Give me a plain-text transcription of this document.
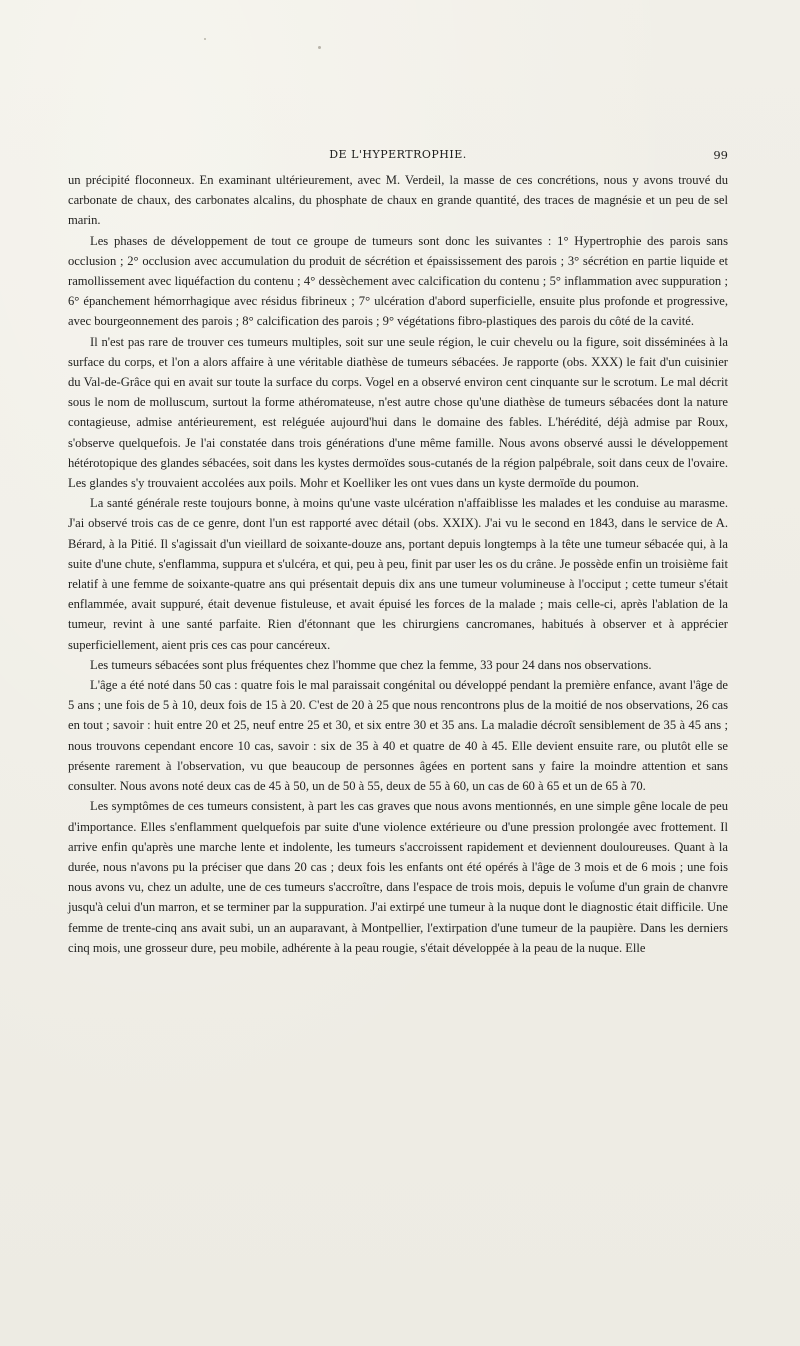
DE L'HYPERTROPHIE.	99

un précipité floconneux. En examinant ultérieurement, avec M. Verdeil, la masse de ces concrétions, nous y avons trouvé du carbonate de chaux, des carbonates alcalins, du phosphate de chaux en grande quantité, des traces de magnésie et un peu de sel marin.

Les phases de développement de tout ce groupe de tumeurs sont donc les suivantes : 1° Hypertrophie des parois sans occlusion ; 2° occlusion avec accumulation du produit de sécrétion et épaississement des parois ; 3° sécrétion en partie liquide et ramollissement avec liquéfaction du contenu ; 4° dessèchement avec calcification du contenu ; 5° inflammation avec suppuration ; 6° épanchement hémorrhagique avec résidus fibrineux ; 7° ulcération d'abord superficielle, ensuite plus profonde et progressive, avec bourgeonnement des parois ; 8° calcification des parois ; 9° végétations fibro-plastiques des parois du côté de la cavité.

Il n'est pas rare de trouver ces tumeurs multiples, soit sur une seule région, le cuir chevelu ou la figure, soit disséminées à la surface du corps, et l'on a alors affaire à une véritable diathèse de tumeurs sébacées. Je rapporte (obs. XXX) le fait d'un cuisinier du Val-de-Grâce qui en avait sur toute la surface du corps. Vogel en a observé environ cent cinquante sur le scrotum. Le mal décrit sous le nom de molluscum, surtout la forme athéromateuse, n'est autre chose qu'une diathèse de tumeurs sébacées dont la nature contagieuse, admise antérieurement, est reléguée aujourd'hui dans le domaine des fables. L'hérédité, déjà admise par Roux, s'observe quelquefois. Je l'ai constatée dans trois générations d'une même famille. Nous avons observé aussi le développement hétérotopique des glandes sébacées, soit dans les kystes dermoïdes sous-cutanés de la région palpébrale, soit dans ceux de l'ovaire. Les glandes s'y trouvaient accolées aux poils. Mohr et Koelliker les ont vues dans un kyste dermoïde du poumon.

La santé générale reste toujours bonne, à moins qu'une vaste ulcération n'affaiblisse les malades et les conduise au marasme. J'ai observé trois cas de ce genre, dont l'un est rapporté avec détail (obs. XXIX). J'ai vu le second en 1843, dans le service de A. Bérard, à la Pitié. Il s'agissait d'un vieillard de soixante-douze ans, portant depuis longtemps à la tête une tumeur sébacée qui, à la suite d'une chute, s'enflamma, suppura et s'ulcéra, et qui, peu à peu, finit par user les os du crâne. Je possède enfin un troisième fait relatif à une femme de soixante-quatre ans qui présentait depuis dix ans une tumeur volumineuse à l'occiput ; cette tumeur s'était enflammée, avait suppuré, était devenue fistuleuse, et avait épuisé les forces de la malade ; mais celle-ci, après l'ablation de la tumeur, revint à une santé parfaite. Rien d'étonnant que les chirurgiens cancromanes, habitués à observer et à apprécier superficiellement, aient pris ces cas pour cancéreux.

Les tumeurs sébacées sont plus fréquentes chez l'homme que chez la femme, 33 pour 24 dans nos observations.

L'âge a été noté dans 50 cas : quatre fois le mal paraissait congénital ou développé pendant la première enfance, avant l'âge de 5 ans ; une fois de 5 à 10, deux fois de 15 à 20. C'est de 20 à 25 que nous rencontrons plus de la moitié de nos observations, 26 cas en tout ; savoir : huit entre 20 et 25, neuf entre 25 et 30, et six entre 30 et 35 ans. La maladie décroît sensiblement de 35 à 45 ans ; nous trouvons cependant encore 10 cas, savoir : six de 35 à 40 et quatre de 40 à 45. Elle devient ensuite rare, ou plutôt elle se présente rarement à l'observation, vu que beaucoup de personnes âgées en portent sans y faire la moindre attention et sans consulter. Nous avons noté deux cas de 45 à 50, un de 50 à 55, deux de 55 à 60, un cas de 60 à 65 et un de 65 à 70.

Les symptômes de ces tumeurs consistent, à part les cas graves que nous avons mentionnés, en une simple gêne locale de peu d'importance. Elles s'enflamment quelquefois par suite d'une violence extérieure ou d'une pression prolongée avec frottement. Il arrive enfin qu'après une marche lente et indolente, les tumeurs s'accroissent rapidement et deviennent douloureuses. Quant à la durée, nous n'avons pu la préciser que dans 20 cas ; deux fois les enfants ont été opérés à l'âge de 3 mois et de 6 mois ; une fois nous avons vu, chez un adulte, une de ces tumeurs s'accroître, dans l'espace de trois mois, depuis le volume d'un grain de chanvre jusqu'à celui d'un marron, et se terminer par la suppuration. J'ai extirpé une tumeur à la nuque dont le diagnostic était difficile. Une femme de trente-cinq ans avait subi, un an auparavant, à Montpellier, l'extirpation d'une tumeur de la paupière. Dans les derniers cinq mois, une grosseur dure, peu mobile, adhérente à la peau rougie, s'était développée à la peau de la nuque. Elle
